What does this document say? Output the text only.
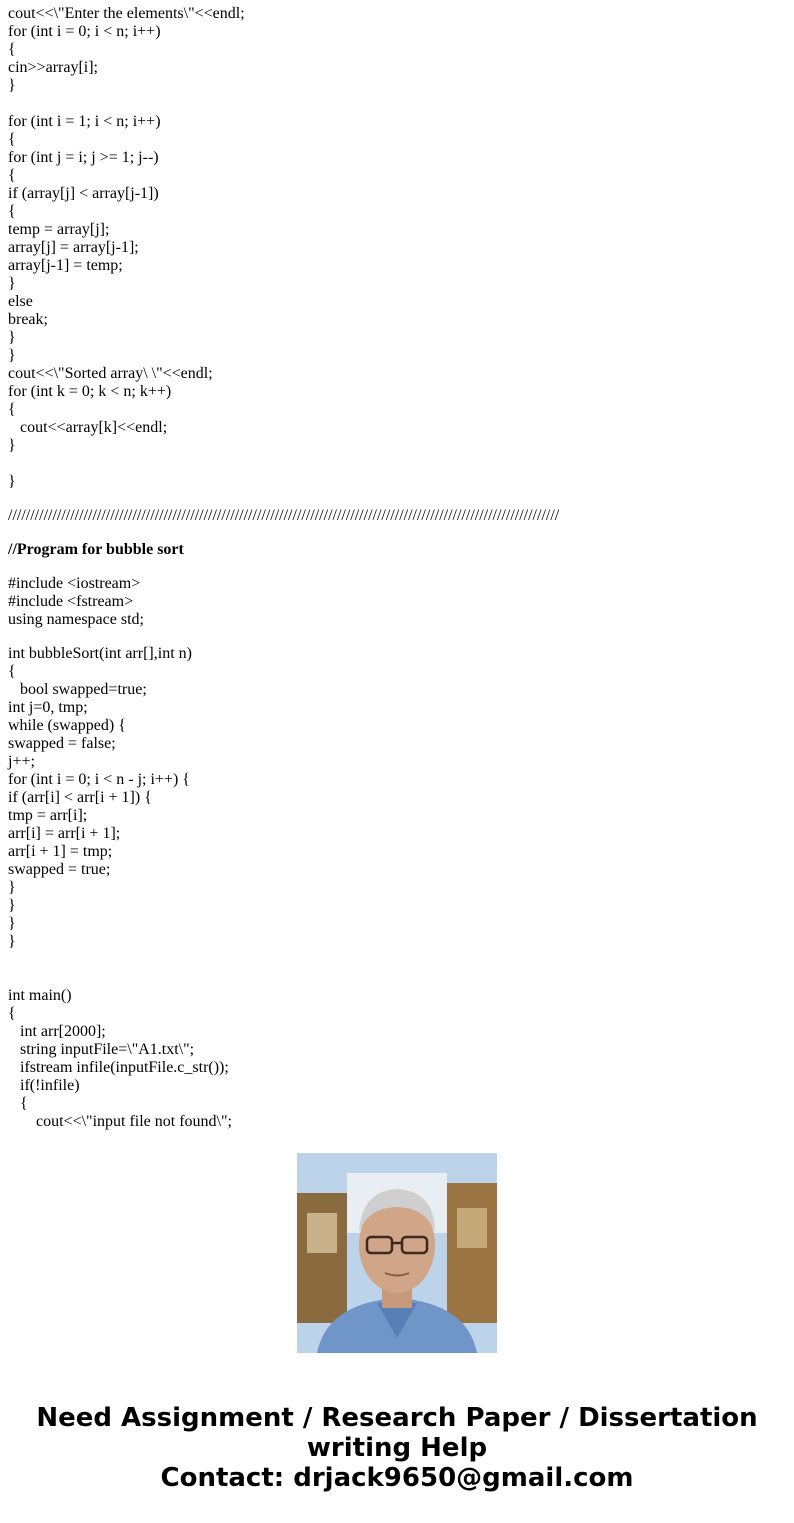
cout<<\"Enter the elements\"<<endl;
for (int i = 0; i < n; i++)
{
cin>>array[i];
}
for (int i = 1; i < n; i++)
{
for (int j = i; j >= 1; j--)
{
if (array[j] < array[j-1])
{
temp = array[j];
array[j] = array[j-1];
array[j-1] = temp;
}
else
break;
}
}
cout<<\"Sorted array\ \"<<endl;
for (int k = 0; k < n; k++)
{
cout<<array[k]<<endl;
}
}
////////////////////////////////////////////////////////////////////////////////////////////////////////////////////////////
//Program for bubble sort
#include <iostream>
#include <fstream>
using namespace std;
int bubbleSort(int arr[],int n)
{
bool swapped=true;
int j=0, tmp;
while (swapped) {
swapped = false;
j++;
for (int i = 0; i < n - j; i++) {
if (arr[i] < arr[i + 1]) {
tmp = arr[i];
arr[i] = arr[i + 1];
arr[i + 1] = tmp;
swapped = true;
}
}
}
}
int main()
{
int arr[2000];
string inputFile=\"A1.txt\";
ifstream infile(inputFile.c_str());
if(!infile)
{
cout<<\"input file not found\";
Need Assignment / Research Paper / Dissertation
writing Help
Contact: drjack9650@gmail.com
